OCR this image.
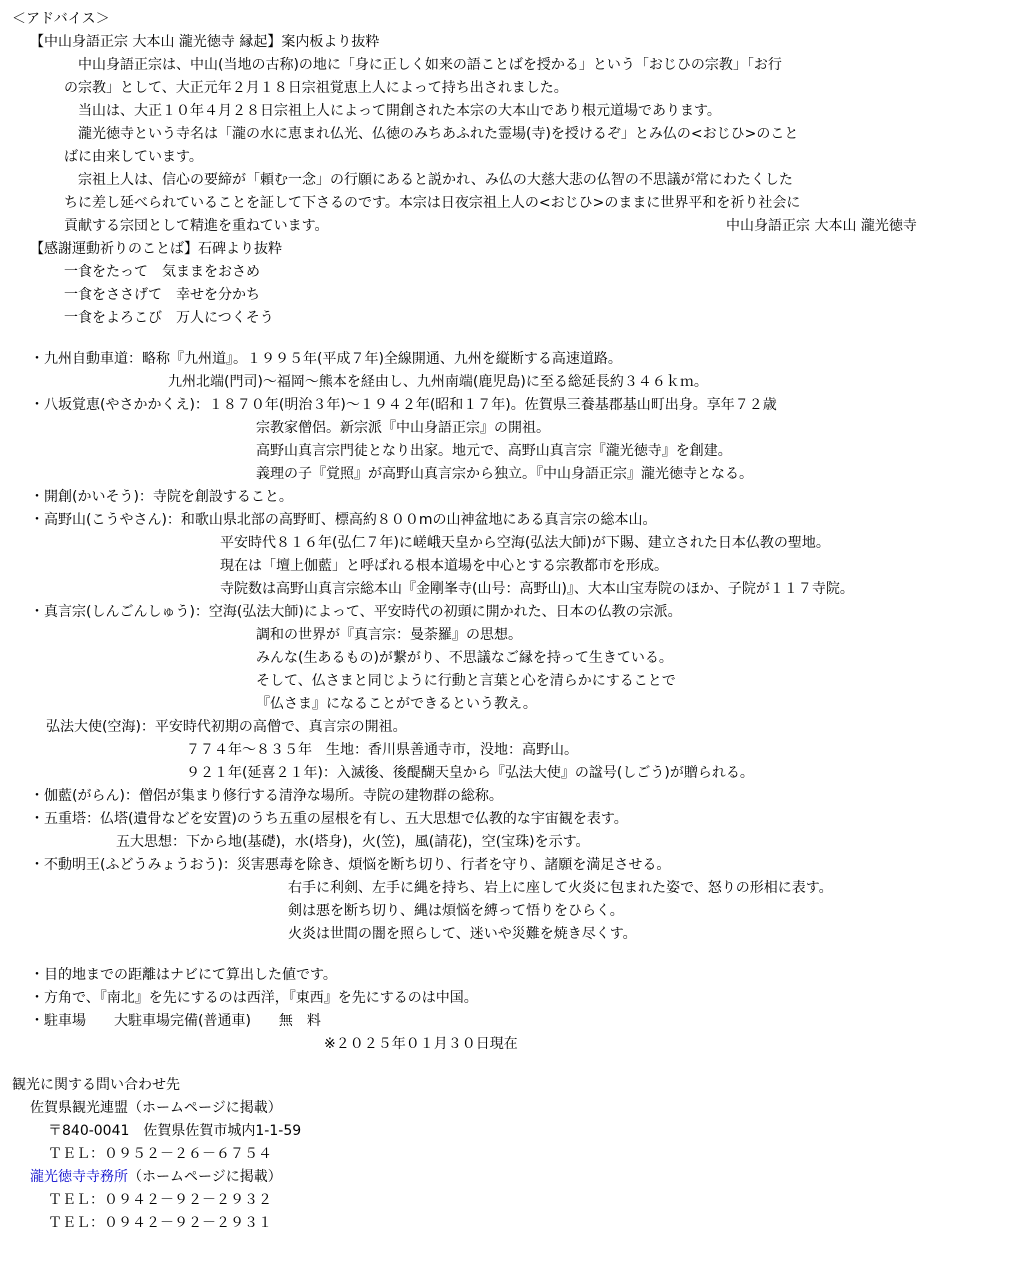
＜アドバイス＞
【中山身語正宗 大本山 瀧光徳寺 縁起】案内板より抜粋
　中山身語正宗は、中山(当地の古称)の地に「身に正しく如来の語ことばを授かる」という「おじひの宗教」「お行
の宗教」として、大正元年２月１８日宗祖覚恵上人によって持ち出されました。
　当山は、大正１０年４月２８日宗祖上人によって開創された本宗の大本山であり根元道場であります。
　瀧光徳寺という寺名は「瀧の水に恵まれ仏光、仏徳のみちあふれた霊場(寺)を授けるぞ」とみ仏の<おじひ>のこと
ばに由来しています。
　宗祖上人は、信心の要締が「頼む一念」の行願にあると説かれ、み仏の大慈大悲の仏智の不思議が常にわたくした
ちに差し延べられていることを証して下さるのです。本宗は日夜宗祖上人の<おじひ>のままに世界平和を祈り社会に
貢献する宗団として精進を重ねています。	中山身語正宗 大本山 瀧光徳寺
【感謝運動祈りのことば】石碑より抜粋
一食をたって　気ままをおさめ
一食をささげて　幸せを分かち
一食をよろこび　万人につくそう
・九州自動車道：略称『九州道』。１９９５年(平成７年)全線開通、九州を縦断する高速道路。
九州北端(門司)～福岡～熊本を経由し、九州南端(鹿児島)に至る総延長約３４６ｋｍ。
・八坂覚恵(やさかかくえ)：１８７０年(明治３年)～１９４２年(昭和１７年)。佐賀県三養基郡基山町出身。享年７２歳
宗教家僧侶。新宗派『中山身語正宗』の開祖。
高野山真言宗門徒となり出家。地元で、高野山真言宗『瀧光徳寺』を創建。
義理の子『覚照』が高野山真言宗から独立。『中山身語正宗』瀧光徳寺となる。
・開創(かいそう)：寺院を創設すること。
・高野山(こうやさん)：和歌山県北部の高野町、標高約８００mの山神盆地にある真言宗の総本山。
平安時代８１６年(弘仁７年)に嵯峨天皇から空海(弘法大師)が下賜、建立された日本仏教の聖地。
現在は「壇上伽藍」と呼ばれる根本道場を中心とする宗教都市を形成。
寺院数は高野山真言宗総本山『金剛峯寺(山号：高野山)』、大本山宝寿院のほか、子院が１１７寺院。
・真言宗(しんごんしゅう)：空海(弘法大師)によって、平安時代の初頭に開かれた、日本の仏教の宗派。
調和の世界が『真言宗：曼荼羅』の思想。
みんな(生あるもの)が繋がり、不思議なご縁を持って生きている。
そして、仏さまと同じように行動と言葉と心を清らかにすることで
『仏さま』になることができるという教え。
弘法大使(空海)：平安時代初期の高僧で、真言宗の開祖。
７７４年～８３５年　生地：香川県善通寺市，没地：高野山。
９２１年(延喜２１年)：入滅後、後醍醐天皇から『弘法大使』の諡号(しごう)が贈られる。
・伽藍(がらん)：僧侶が集まり修行する清浄な場所。寺院の建物群の総称。
・五重塔：仏塔(遺骨などを安置)のうち五重の屋根を有し、五大思想で仏教的な宇宙観を表す。
五大思想：下から地(基礎)，水(塔身)，火(笠)，風(請花)，空(宝珠)を示す。
・不動明王(ふどうみょうおう)：災害悪毒を除き、煩悩を断ち切り、行者を守り、諸願を満足させる。
右手に利剣、左手に縄を持ち、岩上に座して火炎に包まれた姿で、怒りの形相に表す。
剣は悪を断ち切り、縄は煩悩を縛って悟りをひらく。
火炎は世間の闇を照らして、迷いや災難を焼き尽くす。
・目的地までの距離はナビにて算出した値です。
・方角で、『南北』を先にするのは西洋，『東西』を先にするのは中国。
・駐車場　　大駐車場完備(普通車)　　無　料
※２０２５年０１月３０日現在
観光に関する問い合わせ先
佐賀県観光連盟（ホームページに掲載）
〒840-0041　佐賀県佐賀市城内1-1-59
ＴＥＬ：０９５２－２６－６７５４
瀧光徳寺寺務所（ホームページに掲載）
ＴＥＬ：０９４２－９２－２９３２
ＴＥＬ：０９４２－９２－２９３１
